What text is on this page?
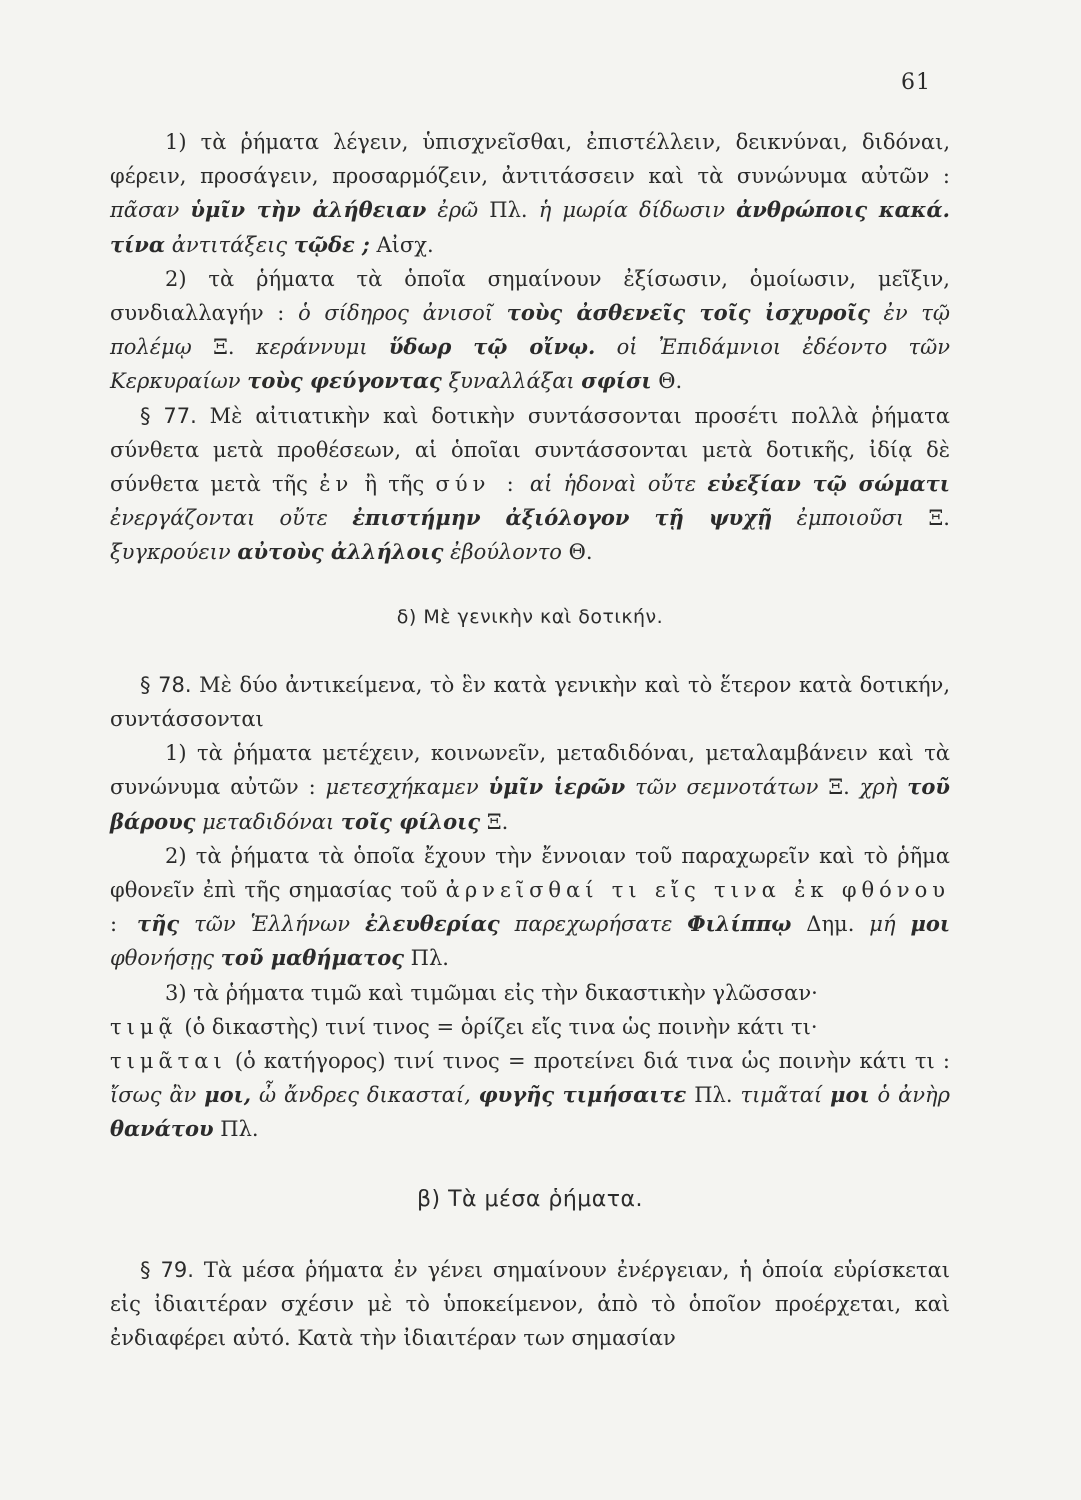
61

1) τὰ ῥήματα λέγειν, ὑπισχνεῖσθαι, ἐπιστέλλειν, δεικνύναι, διδόναι, φέρειν, προσάγειν, προσαρμόζειν, ἀντιτάσσειν καὶ τὰ συνώνυμα αὐτῶν : πᾶσαν ὑμῖν τὴν ἀλήθειαν ἐρῶ Πλ. ἡ μωρία δίδωσιν ἀνθρώποις κακά. τίνα ἀντιτάξεις τῷδε ; Αἰσχ.

2) τὰ ῥήματα τὰ ὁποῖα σημαίνουν ἐξίσωσιν, ὁμοίωσιν, μεῖξιν, συνδιαλλαγήν : ὁ σίδηρος ἀνισοῖ τοὺς ἀσθενεῖς τοῖς ἰσχυροῖς ἐν τῷ πολέμῳ Ξ. κεράννυμι ὕδωρ τῷ οἴνῳ. οἱ Ἐπιδάμνιοι ἐδέοντο τῶν Κερκυραίων τοὺς φεύγοντας ξυναλλάξαι σφίσι Θ.

§ 77. Μὲ αἰτιατικὴν καὶ δοτικὴν συντάσσονται προσέτι πολλὰ ῥήματα σύνθετα μετὰ προθέσεων, αἱ ὁποῖαι συντάσσονται μετὰ δοτικῆς, ἰδίᾳ δὲ σύνθετα μετὰ τῆς ἐν ἢ τῆς σύν : αἱ ἡδοναὶ οὔτε εὐεξίαν τῷ σώματι ἐνεργάζονται οὔτε ἐπιστήμην ἀξιόλογον τῇ ψυχῇ ἐμποιοῦσι Ξ. ξυγκρούειν αὐτοὺς ἀλλήλοις ἐβούλοντο Θ.

δ) Μὲ γενικὴν καὶ δοτικήν.

§ 78. Μὲ δύο ἀντικείμενα, τὸ ἓν κατὰ γενικὴν καὶ τὸ ἕτερον κατὰ δοτικήν, συντάσσονται

1) τὰ ῥήματα μετέχειν, κοινωνεῖν, μεταδιδόναι, μεταλαμβάνειν καὶ τὰ συνώνυμα αὐτῶν : μετεσχήκαμεν ὑμῖν ἱερῶν τῶν σεμνοτάτων Ξ. χρὴ τοῦ βάρους μεταδιδόναι τοῖς φίλοις Ξ.

2) τὰ ῥήματα τὰ ὁποῖα ἔχουν τὴν ἔννοιαν τοῦ παραχωρεῖν καὶ τὸ ῥῆμα φθονεῖν ἐπὶ τῆς σημασίας τοῦ ἀρνεῖσθαί τι εἴς τινα ἐκ φθόνου : τῆς τῶν Ἑλλήνων ἐλευθερίας παρεχωρήσατε Φιλίππῳ Δημ. μή μοι φθονήσῃς τοῦ μαθήματος Πλ.

3) τὰ ῥήματα τιμῶ καὶ τιμῶμαι εἰς τὴν δικαστικὴν γλῶσσαν·
τιμᾷ (ὁ δικαστὴς) τινί τινος = ὁρίζει εἴς τινα ὡς ποινὴν κάτι τι·
τιμᾶται (ὁ κατήγορος) τινί τινος = προτείνει διά τινα ὡς ποινὴν κάτι τι : ἴσως ἂν μοι, ὦ ἄνδρες δικασταί, φυγῆς τιμήσαιτε Πλ. τιμᾶταί μοι ὁ ἀνὴρ θανάτου Πλ.

β) Τὰ μέσα ῥήματα.

§ 79. Τὰ μέσα ῥήματα ἐν γένει σημαίνουν ἐνέργειαν, ἡ ὁποία εὑρίσκεται εἰς ἰδιαιτέραν σχέσιν μὲ τὸ ὑποκείμενον, ἀπὸ τὸ ὁποῖον προέρχεται, καὶ ἐνδιαφέρει αὐτό. Κατὰ τὴν ἰδιαιτέραν των σημασίαν
